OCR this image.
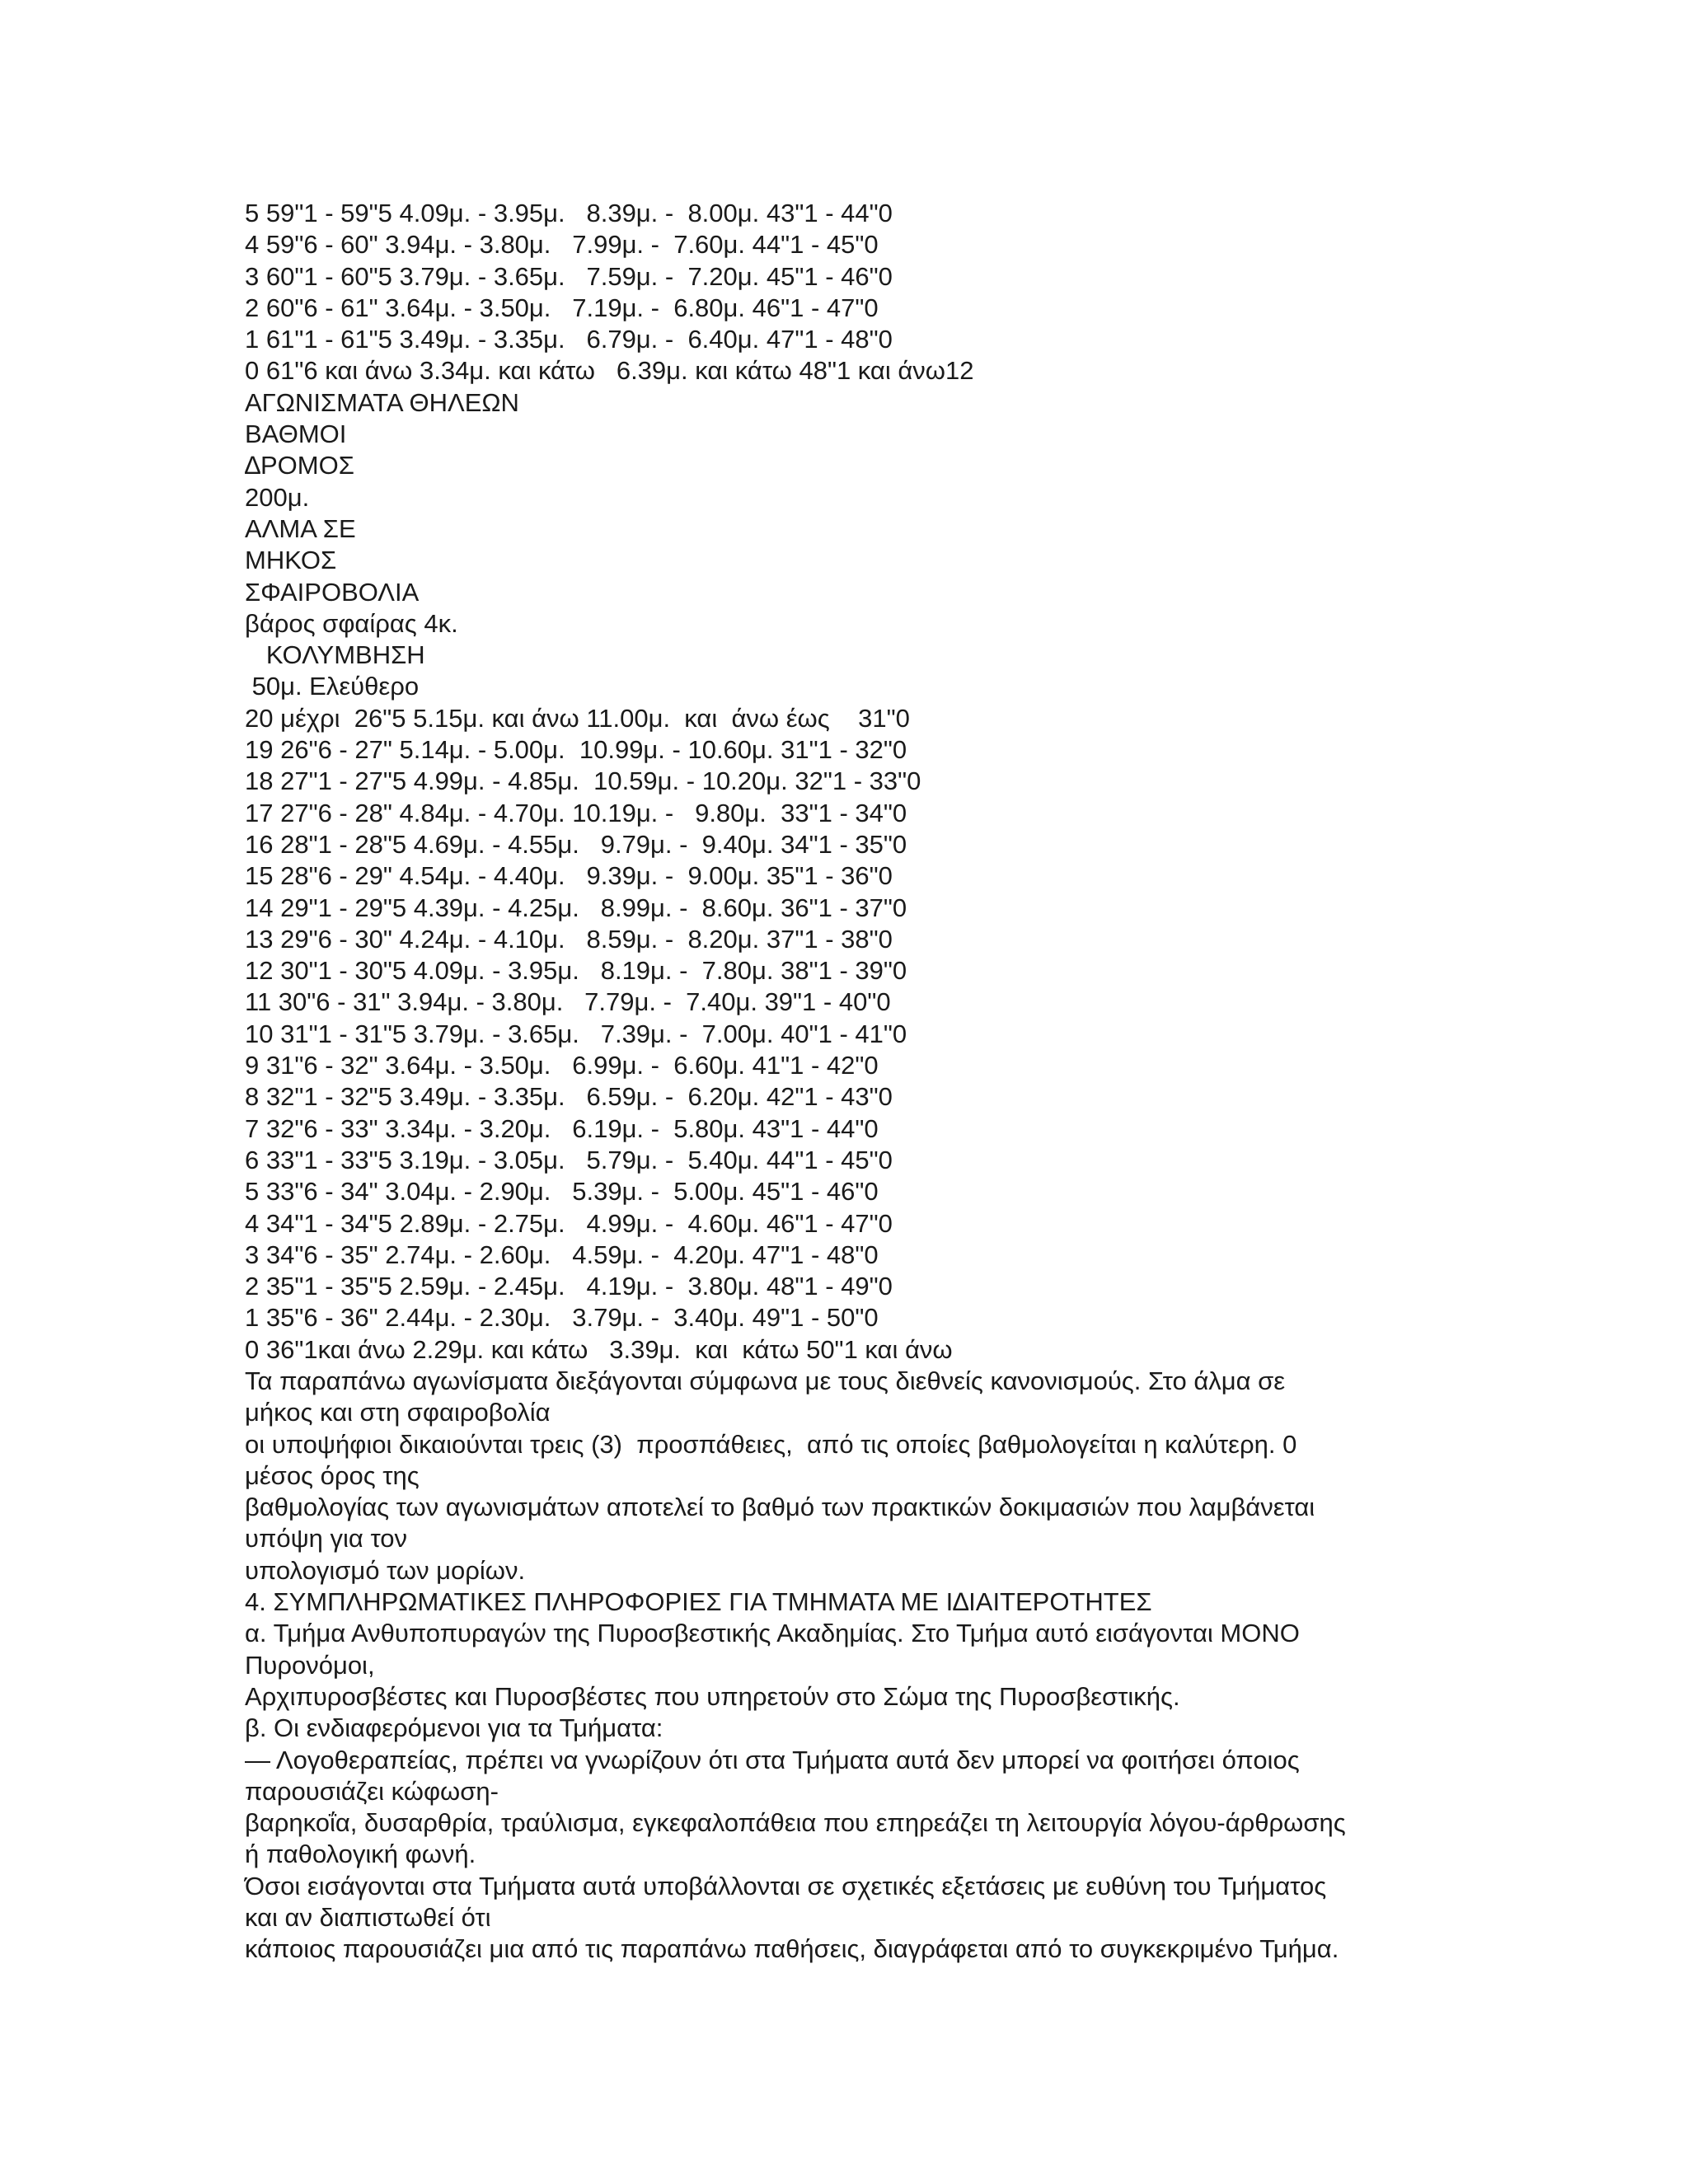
5 59"1 - 59"5 4.09μ. - 3.95μ.   8.39μ. -  8.00μ. 43"1 - 44"0
4 59"6 - 60" 3.94μ. - 3.80μ.   7.99μ. -  7.60μ. 44"1 - 45"0
3 60"1 - 60"5 3.79μ. - 3.65μ.   7.59μ. -  7.20μ. 45"1 - 46"0
2 60"6 - 61" 3.64μ. - 3.50μ.   7.19μ. -  6.80μ. 46"1 - 47"0
1 61"1 - 61"5 3.49μ. - 3.35μ.   6.79μ. -  6.40μ. 47"1 - 48"0
0 61"6 και άνω 3.34μ. και κάτω   6.39μ. και κάτω 48"1 και άνω12
ΑΓΩΝΙΣΜΑΤΑ ΘΗΛΕΩΝ
ΒΑΘΜΟΙ
∆ΡΟΜΟΣ
200μ.
ΑΛΜΑ ΣΕ
ΜΗΚΟΣ
ΣΦΑΙΡΟΒΟΛΙΑ
βάρος σφαίρας 4κ.
ΚΟΛΥΜΒΗΣΗ
50μ. Ελεύθερο
20 μέχρι  26"5 5.15μ. και άνω 11.00μ.  και  άνω έως    31"0
19 26"6 - 27" 5.14μ. - 5.00μ.  10.99μ. - 10.60μ. 31"1 - 32"0
18 27"1 - 27"5 4.99μ. - 4.85μ.  10.59μ. - 10.20μ. 32"1 - 33"0
17 27"6 - 28" 4.84μ. - 4.70μ. 10.19μ. -   9.80μ.  33"1 - 34"0
16 28"1 - 28"5 4.69μ. - 4.55μ.   9.79μ. -  9.40μ. 34"1 - 35"0
15 28"6 - 29" 4.54μ. - 4.40μ.   9.39μ. -  9.00μ. 35"1 - 36"0
14 29"1 - 29"5 4.39μ. - 4.25μ.   8.99μ. -  8.60μ. 36"1 - 37"0
13 29"6 - 30" 4.24μ. - 4.10μ.   8.59μ. -  8.20μ. 37"1 - 38"0
12 30"1 - 30"5 4.09μ. - 3.95μ.   8.19μ. -  7.80μ. 38"1 - 39"0
11 30"6 - 31" 3.94μ. - 3.80μ.   7.79μ. -  7.40μ. 39"1 - 40"0
10 31"1 - 31"5 3.79μ. - 3.65μ.   7.39μ. -  7.00μ. 40"1 - 41"0
9 31"6 - 32" 3.64μ. - 3.50μ.   6.99μ. -  6.60μ. 41"1 - 42"0
8 32"1 - 32"5 3.49μ. - 3.35μ.   6.59μ. -  6.20μ. 42"1 - 43"0
7 32"6 - 33" 3.34μ. - 3.20μ.   6.19μ. -  5.80μ. 43"1 - 44"0
6 33"1 - 33"5 3.19μ. - 3.05μ.   5.79μ. -  5.40μ. 44"1 - 45"0
5 33"6 - 34" 3.04μ. - 2.90μ.   5.39μ. -  5.00μ. 45"1 - 46"0
4 34"1 - 34"5 2.89μ. - 2.75μ.   4.99μ. -  4.60μ. 46"1 - 47"0
3 34"6 - 35" 2.74μ. - 2.60μ.   4.59μ. -  4.20μ. 47"1 - 48"0
2 35"1 - 35"5 2.59μ. - 2.45μ.   4.19μ. -  3.80μ. 48"1 - 49"0
1 35"6 - 36" 2.44μ. - 2.30μ.   3.79μ. -  3.40μ. 49"1 - 50"0
0 36"1και άνω 2.29μ. και κάτω   3.39μ.  και  κάτω 50"1 και άνω
Τα παραπάνω αγωνίσματα διεξάγονται σύμφωνα με τους διεθνείς κανονισμούς. Στο άλμα σε
μήκος και στη σφαιροβολία
οι υποψήφιοι δικαιούνται τρεις (3)  προσπάθειες,  από τις οποίες βαθμολογείται η καλύτερη. 0
μέσος όρος της
βαθμολογίας των αγωνισμάτων αποτελεί το βαθμό των πρακτικών δοκιμασιών που λαμβάνεται
υπόψη για τον
υπολογισμό των μορίων.
4. ΣΥΜΠΛΗΡΩΜΑΤΙΚΕΣ ΠΛΗΡΟΦΟΡΙΕΣ ΓΙΑ ΤΜΗΜΑΤΑ ΜΕ Ι∆ΙΑΙΤΕΡΟΤΗΤΕΣ
α. Τμήμα Ανθυποπυραγών της Πυροσβεστικής Ακαδημίας. Στο Τμήμα αυτό εισάγονται ΜΟΝΟ
Πυρονόμοι,
Αρχιπυροσβέστες και Πυροσβέστες που υπηρετούν στο Σώμα της Πυροσβεστικής.
β. Οι ενδιαφερόμενοι για τα Τμήματα:
— Λογοθεραπείας, πρέπει να γνωρίζουν ότι στα Τμήματα αυτά δεν μπορεί να φοιτήσει όποιος
παρουσιάζει κώφωση-
βαρηκοΐα, δυσαρθρία, τραύλισμα, εγκεφαλοπάθεια που επηρεάζει τη λειτουργία λόγου-άρθρωσης
ή παθολογική φωνή.
Όσοι εισάγονται στα Τμήματα αυτά υποβάλλονται σε σχετικές εξετάσεις με ευθύνη του Τμήματος
και αν διαπιστωθεί ότι
κάποιος παρουσιάζει μια από τις παραπάνω παθήσεις, διαγράφεται από το συγκεκριμένο Τμήμα.
